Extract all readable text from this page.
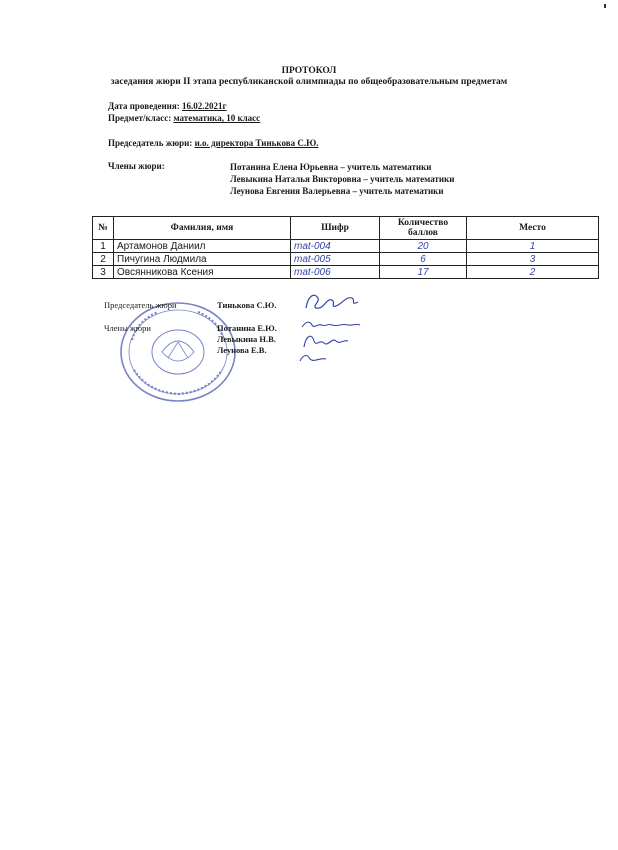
ПРОТОКОЛ
заседания жюри II этапа республиканской олимпиады по общеобразовательным предметам
Дата проведения: 16.02.2021г
Предмет/класс: математика, 10 класс
Председатель жюри: и.о. директора Тинькова С.Ю.
Члены жюри:	Потанина Елена Юрьевна – учитель математики
Левыкина Наталья Викторовна – учитель математики
Леунова Евгения Валерьевна – учитель математики
№	Фамилия, имя	Шифр	Количество баллов	Место
1	Артамонов Даниил	mat-004	20	1
2	Пичугина Людмила	mat-005	6	3
3	Овсянникова Ксения	mat-006	17	2
Председатель жюри	Тинькова С.Ю.
Члены жюри	Потанина Е.Ю.
Левыкина Н.В.
Леунова Е.В.
